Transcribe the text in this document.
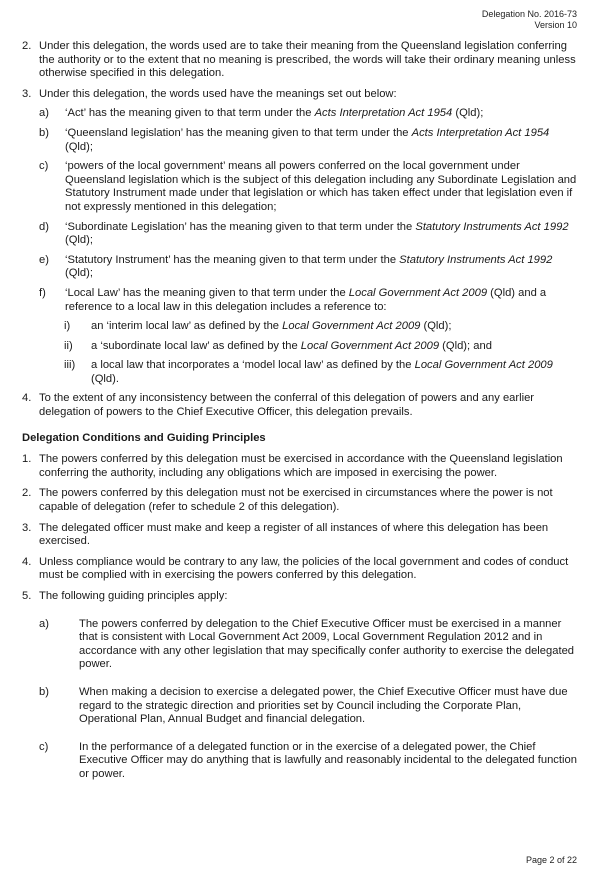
Delegation No. 2016-73
Version 10
2. Under this delegation, the words used are to take their meaning from the Queensland legislation conferring the authority or to the extent that no meaning is prescribed, the words will take their ordinary meaning unless otherwise specified in this delegation.
3. Under this delegation, the words used have the meanings set out below:
a)	‘Act’ has the meaning given to that term under the Acts Interpretation Act 1954 (Qld);
b)	‘Queensland legislation’ has the meaning given to that term under the Acts Interpretation Act 1954 (Qld);
c)	‘powers of the local government’ means all powers conferred on the local government under Queensland legislation which is the subject of this delegation including any Subordinate Legislation and Statutory Instrument made under that legislation or which has taken effect under that legislation even if not expressly mentioned in this delegation;
d)	‘Subordinate Legislation’ has the meaning given to that term under the Statutory Instruments Act 1992 (Qld);
e)	‘Statutory Instrument’ has the meaning given to that term under the Statutory Instruments Act 1992 (Qld);
f)	‘Local Law’ has the meaning given to that term under the Local Government Act 2009 (Qld) and a reference to a local law in this delegation includes a reference to:
i)	an ‘interim local law’ as defined by the Local Government Act 2009 (Qld);
ii)	a ‘subordinate local law’ as defined by the Local Government Act 2009 (Qld); and
iii)	a local law that incorporates a ‘model local law’ as defined by the Local Government Act 2009 (Qld).
4. To the extent of any inconsistency between the conferral of this delegation of powers and any earlier delegation of powers to the Chief Executive Officer, this delegation prevails.
Delegation Conditions and Guiding Principles
1. The powers conferred by this delegation must be exercised in accordance with the Queensland legislation conferring the authority, including any obligations which are imposed in exercising the power.
2. The powers conferred by this delegation must not be exercised in circumstances where the power is not capable of delegation (refer to schedule 2 of this delegation).
3. The delegated officer must make and keep a register of all instances of where this delegation has been exercised.
4. Unless compliance would be contrary to any law, the policies of the local government and codes of conduct must be complied with in exercising the powers conferred by this delegation.
5. The following guiding principles apply:
a)	The powers conferred by delegation to the Chief Executive Officer must be exercised in a manner that is consistent with Local Government Act 2009, Local Government Regulation 2012 and in accordance with any other legislation that may specifically confer authority to exercise the delegated power.
b)	When making a decision to exercise a delegated power, the Chief Executive Officer must have due regard to the strategic direction and priorities set by Council including the Corporate Plan, Operational Plan, Annual Budget and financial delegation.
c)	In the performance of a delegated function or in the exercise of a delegated power, the Chief Executive Officer may do anything that is lawfully and reasonably incidental to the delegated function or power.
Page 2 of 22
